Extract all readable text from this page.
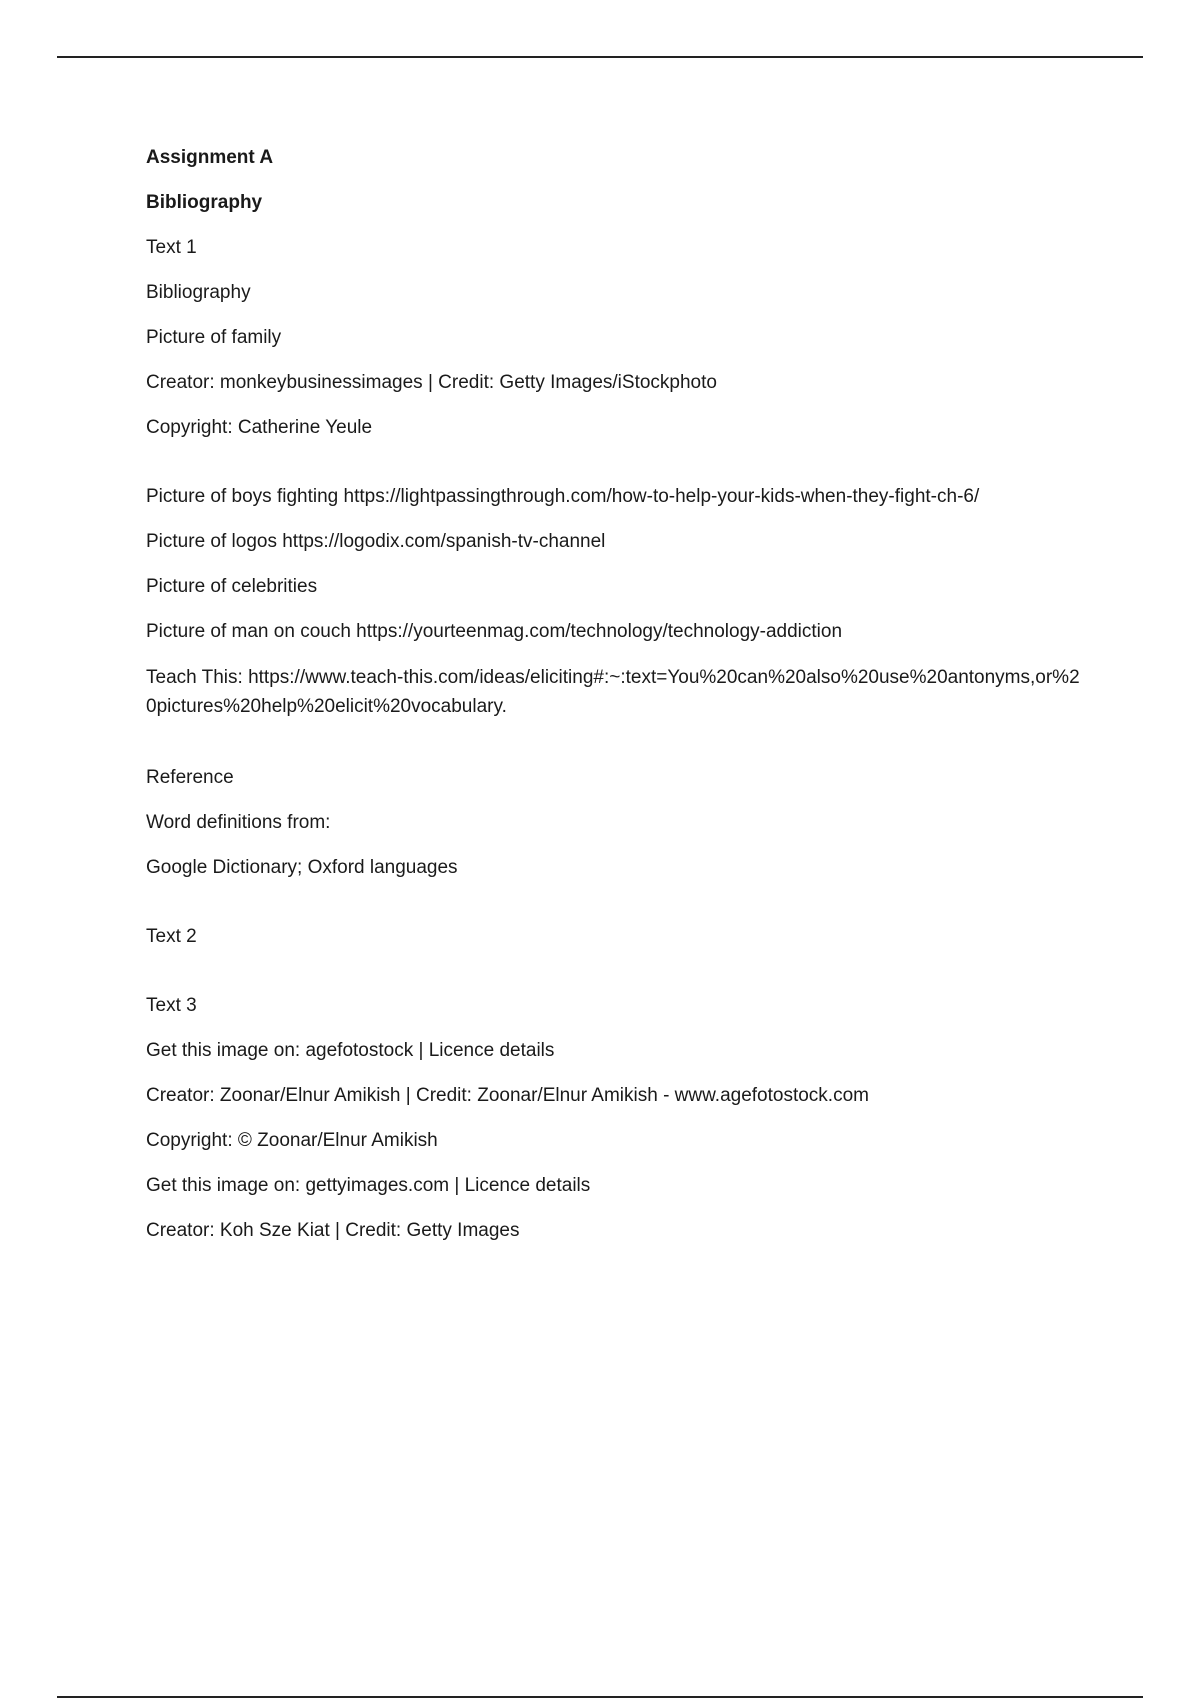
Assignment A

Bibliography

Text 1

Bibliography

Picture of family

Creator: monkeybusinessimages | Credit: Getty Images/iStockphoto

Copyright: Catherine Yeule

Picture of boys fighting https://lightpassingthrough.com/how-to-help-your-kids-when-they-fight-ch-6/

Picture of logos https://logodix.com/spanish-tv-channel

Picture of celebrities

Picture of man on couch https://yourteenmag.com/technology/technology-addiction

Teach This: https://www.teach-this.com/ideas/eliciting#:~:text=You%20can%20also%20use%20antonyms,or%20pictures%20help%20elicit%20vocabulary.

Reference

Word definitions from:

Google Dictionary; Oxford languages

Text 2

Text 3

Get this image on: agefotostock | Licence details

Creator: Zoonar/Elnur Amikish | Credit: Zoonar/Elnur Amikish - www.agefotostock.com

Copyright: © Zoonar/Elnur Amikish

Get this image on: gettyimages.com | Licence details

Creator: Koh Sze Kiat | Credit: Getty Images
